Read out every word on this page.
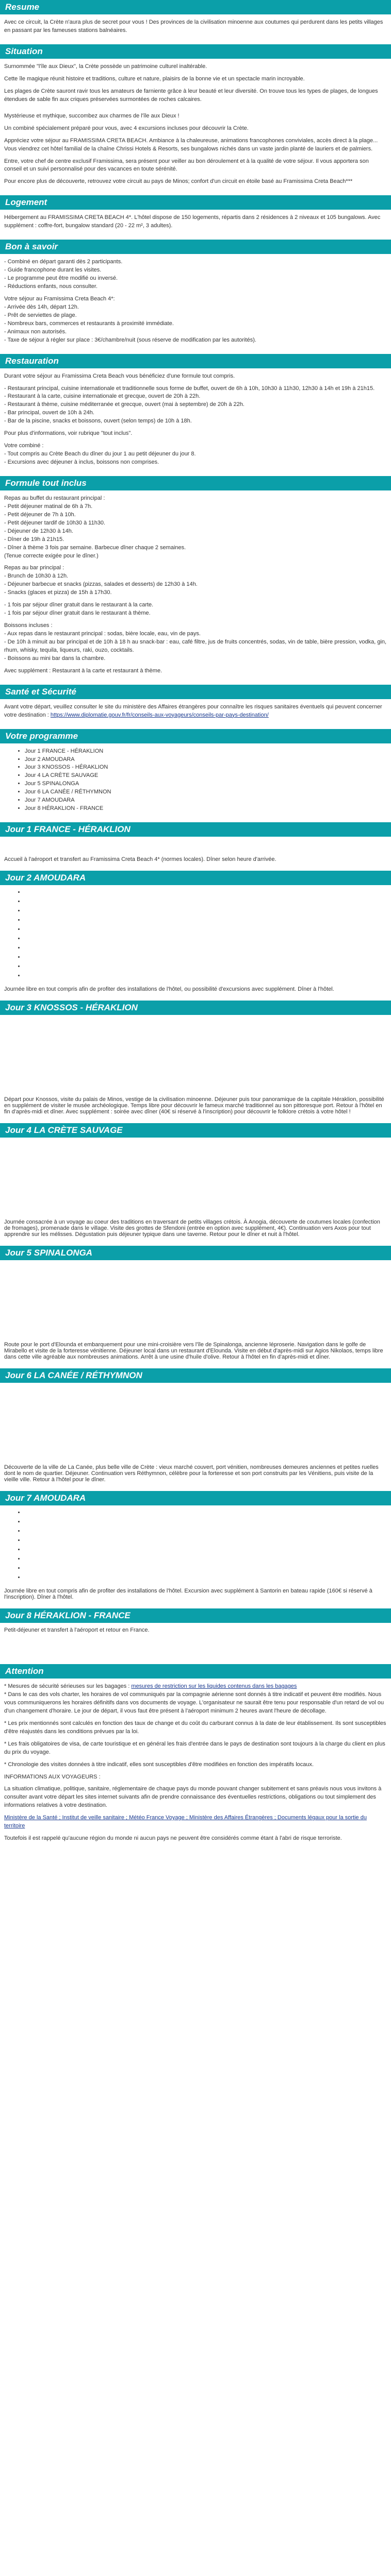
Resume

Avec ce circuit, la Crète n'aura plus de secret pour vous ! Des provinces de la civilisation minoenne aux coutumes qui perdurent dans les petits villages en passant par les fameuses stations balnéaires.

Situation

Surnommée "l'île aux Dieux", la Crète possède un patrimoine culturel inaltérable.

Cette île magique réunit histoire et traditions, culture et nature, plaisirs de la bonne vie et un spectacle marin incroyable.

Les plages de Crète sauront ravir tous les amateurs de farniente grâce à leur beauté et leur diversité. On trouve tous les types de plages, de longues étendues de sable fin aux criques préservées surmontées de roches calcaires.

Mystérieuse et mythique, succombez aux charmes de l'île aux Dieux !

Un combiné spécialement préparé pour vous, avec 4 excursions incluses pour découvrir la Crète.

Appréciez votre séjour au FRAMISSIMA CRETA BEACH. Ambiance à la chaleureuse, animations francophones conviviales, accès direct à la plage... Vous viendrez cet hôtel familial de la chaîne Chrissi Hotels & Resorts, ses bungalows nichés dans un vaste jardin planté de lauriers et de palmiers.

Entre, votre chef de centre exclusif Framissima, sera présent pour veiller au bon déroulement et à la qualité de votre séjour. Il vous apportera son conseil et un suivi personnalisé pour des vacances en toute sérénité.

Pour encore plus de découverte, retrouvez votre circuit au pays de Minos; confort d'un circuit en étoile basé au Framissima Creta Beach***

Logement

Hébergement au FRAMISSIMA CRETA BEACH 4*. L'hôtel dispose de 150 logements, répartis dans 2 résidences à 2 niveaux et 105 bungalows. Avec supplément : coffre-fort, bungalow standard (20 - 22 m², 3 adultes).

Bon à savoir

- Combiné en départ garanti dès 2 participants.

- Guide francophone durant les visites.

- Le programme peut être modifié ou inversé.

- Réductions enfants, nous consulter.

Votre séjour au Framissima Creta Beach 4*:

- Arrivée dès 14h, départ 12h.

- Prêt de serviettes de plage.

- Nombreux bars, commerces et restaurants à proximité immédiate.

- Animaux non autorisés.

- Taxe de séjour à régler sur place : 3€/chambre/nuit (sous réserve de modification par les autorités).

Restauration

Durant votre séjour au Framissima Creta Beach vous bénéficiez d'une formule tout compris.

- Restaurant principal, cuisine internationale et traditionnelle sous forme de buffet, ouvert de 6h à 10h, 10h30 à 11h30, 12h30 à 14h et 19h à 21h15.

- Restaurant à la carte, cuisine internationale et grecque, ouvert de 20h à 22h.

- Restaurant à thème, cuisine méditerranée et grecque, ouvert (mai à septembre) de 20h à 22h.

- Bar principal, ouvert de 10h à 24h.

- Bar de la piscine, snacks et boissons, ouvert (selon temps) de 10h à 18h.

Pour plus d'informations, voir rubrique "tout inclus".

Votre combiné :

- Tout compris au Crète Beach du dîner du jour 1 au petit déjeuner du jour 8.

- Excursions avec déjeuner à inclus, boissons non comprises.

Formule tout inclus

Repas au buffet du restaurant principal :

- Petit déjeuner matinal de 6h à 7h.

- Petit déjeuner de 7h à 10h.

- Petit déjeuner tardif de 10h30 à 11h30.

- Déjeuner de 12h30 à 14h.

- Dîner de 19h à 21h15.

- Dîner à thème 3 fois par semaine. Barbecue dîner chaque 2 semaines.

(Tenue correcte exigée pour le dîner.)

Repas au bar principal :

- Brunch de 10h30 à 12h.

- Déjeuner barbecue et snacks (pizzas, salades et desserts) de 12h30 à 14h.

- Snacks (glaces et pizza) de 15h à 17h30.

- 1 fois par séjour dîner gratuit dans le restaurant à la carte.

- 1 fois par séjour dîner gratuit dans le restaurant à thème.

Boissons incluses :

- Aux repas dans le restaurant principal : sodas, bière locale, eau, vin de pays.

- De 10h à minuit au bar principal et de 10h à 18 h au snack-bar : eau, café filtre, jus de fruits concentrés, sodas, vin de table, bière pression, vodka, gin, rhum, whisky, tequila, liqueurs, raki, ouzo, cocktails.

- Boissons au mini bar dans la chambre.

Avec supplément : Restaurant à la carte et restaurant à thème.

Santé et Sécurité

Avant votre départ, veuillez consulter le site du ministère des Affaires étrangères pour connaître les risques sanitaires éventuels qui peuvent concerner votre destination : https://www.diplomatie.gouv.fr/fr/conseils-aux-voyageurs/conseils-par-pays-destination/

Votre programme
• Jour 1 FRANCE - HÉRAKLION
• Jour 2 AMOUDARA
• Jour 3 KNOSSOS - HÉRAKLION
• Jour 4 LA CRÈTE SAUVAGE
• Jour 5 SPINALONGA
• Jour 6 LA CANÉE / RÉTHYMNON
• Jour 7 AMOUDARA
• Jour 8 HÉRAKLION - FRANCE
Jour 1 FRANCE - HÉRAKLION

Accueil à l'aéroport et transfert au Framissima Creta Beach 4* (normes locales). Dîner selon heure d'arrivée.

Jour 2 AMOUDARA
•
•
•
•
•
•
•
•
•
•

Journée libre en tout compris afin de profiter des installations de l'hôtel, ou possibilité d'excursions avec supplément. Dîner à l'hôtel.

Jour 3 KNOSSOS - HÉRAKLION

Départ pour Knossos, visite du palais de Minos, vestige de la civilisation minoenne. Déjeuner puis tour panoramique de la capitale Héraklion, possibilité en supplément de visiter le musée archéologique. Temps libre pour découvrir le fameux marché traditionnel au son pittoresque port. Retour à l'hôtel en fin d'après-midi et dîner. Avec supplément : soirée avec dîner (40€ si réservé à l'inscription) pour découvrir le folklore crétois à votre hôtel !

Jour 4 LA CRÈTE SAUVAGE

Journée consacrée à un voyage au coeur des traditions en traversant de petits villages crétois. À Anogia, découverte de coutumes locales (confection de fromages), promenade dans le village. Visite des grottes de Sfendoni (entrée en option avec supplément, 4€). Continuation vers Axos pour tout apprendre sur les mélisses. Dégustation puis déjeuner typique dans une taverne. Retour pour le dîner et nuit à l'hôtel.

Jour 5 SPINALONGA

Route pour le port d'Elounda et embarquement pour une mini-croisière vers l'île de Spinalonga, ancienne léproserie. Navigation dans le golfe de Mirabello et visite de la forteresse vénitienne. Déjeuner local dans un restaurant d'Elounda. Visite en début d'après-midi sur Agios Nikolaos, temps libre dans cette ville agréable aux nombreuses animations. Arrêt à une usine d'huile d'olive. Retour à l'hôtel en fin d'après-midi et dîner.

Jour 6 LA CANÉE / RÉTHYMNON

Découverte de la ville de La Canée, plus belle ville de Crète : vieux marché couvert, port vénitien, nombreuses demeures anciennes et petites ruelles dont le nom de quartier. Déjeuner. Continuation vers Réthymnon, célèbre pour la forteresse et son port construits par les Vénitiens, puis visite de la vieille ville. Retour à l'hôtel pour le dîner.

Jour 7 AMOUDARA
•
•
•
•
•
•
•
•

Journée libre en tout compris afin de profiter des installations de l'hôtel. Excursion avec supplément à Santorin en bateau rapide (160€ si réservé à l'inscription). Dîner à l'hôtel.

Jour 8 HÉRAKLION - FRANCE

Petit-déjeuner et transfert à l'aéroport et retour en France.

Attention

* Mesures de sécurité sérieuses sur les bagages : mesures de restriction sur les liquides contenus dans les bagages

* Dans le cas des vols charter, les horaires de vol communiqués par la compagnie aérienne sont donnés à titre indicatif et peuvent être modifiés. Nous vous communiquerons les horaires définitifs dans vos documents de voyage. L'organisateur ne saurait être tenu pour responsable d'un retard de vol ou d'un changement d'horaire. Le jour de départ, il vous faut être présent à l'aéroport minimum 2 heures avant l'heure de décollage.

* Les prix mentionnés sont calculés en fonction des taux de change et du coût du carburant connus à la date de leur établissement. Ils sont susceptibles d'être réajustés dans les conditions prévues par la loi.

* Les frais obligatoires de visa, de carte touristique et en général les frais d'entrée dans le pays de destination sont toujours à la charge du client en plus du prix du voyage.

* Chronologie des visites données à titre indicatif, elles sont susceptibles d'être modifiées en fonction des impératifs locaux.

INFORMATIONS AUX VOYAGEURS :

La situation climatique, politique, sanitaire, réglementaire de chaque pays du monde pouvant changer subitement et sans préavis nous vous invitons à consulter avant votre départ les sites internet suivants afin de prendre connaissance des éventuelles restrictions, obligations ou tout simplement des informations relatives à votre destination.

Ministère de la Santé ; Institut de veille sanitaire ; Météo France Voyage ; Ministère des Affaires Étrangères ; Documents légaux pour la sortie du territoire

Toutefois il est rappelé qu'aucune région du monde ni aucun pays ne peuvent être considérés comme étant à l'abri de risque terroriste.
